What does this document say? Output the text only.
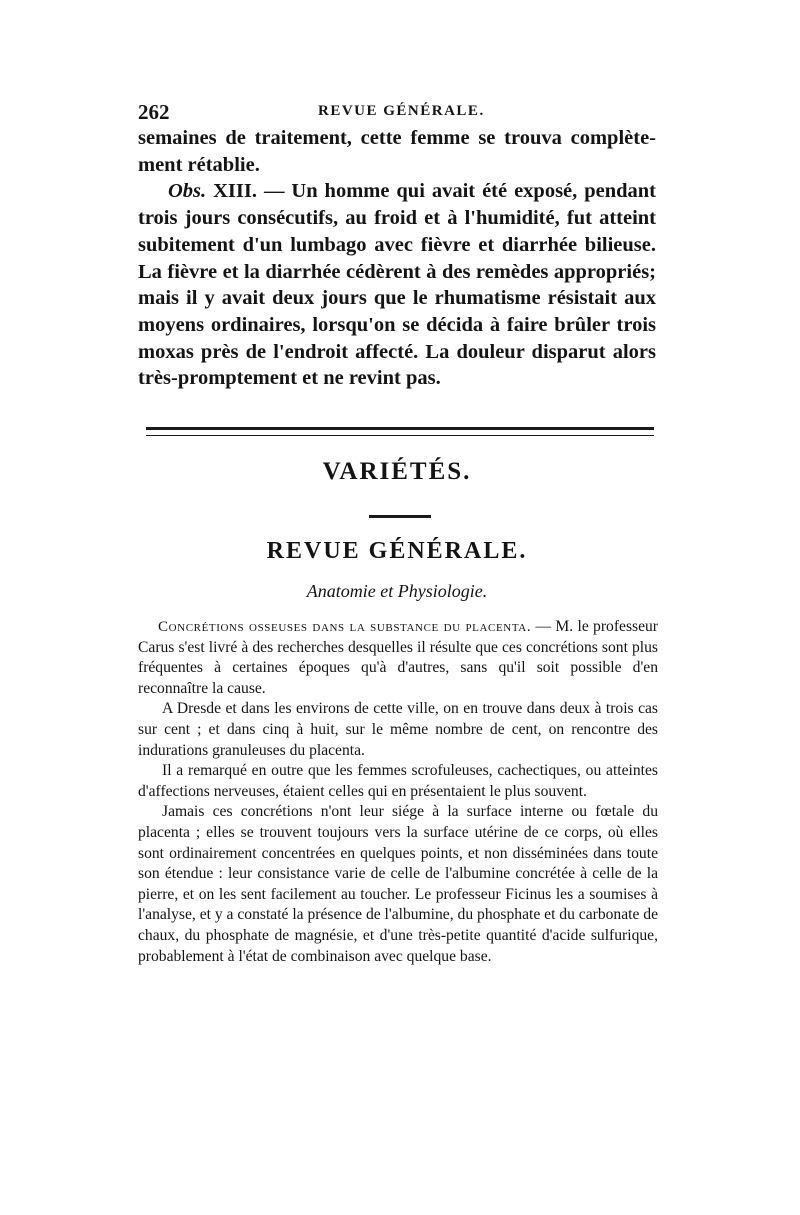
262	REVUE GÉNÉRALE.

semaines de traitement, cette femme se trouva complète-ment rétablie.

Obs. XIII. — Un homme qui avait été exposé, pendant trois jours consécutifs, au froid et à l'humidité, fut atteint subitement d'un lumbago avec fièvre et diarrhée bilieuse. La fièvre et la diarrhée cédèrent à des remèdes appropriés; mais il y avait deux jours que le rhumatisme résistait aux moyens ordinaires, lorsqu'on se décida à faire brûler trois moxas près de l'endroit affecté. La douleur disparut alors très-promptement et ne revint pas.

VARIÉTÉS.
REVUE GÉNÉRALE.
Anatomie et Physiologie.

Concrétions osseuses dans la substance du placenta. — M. le professeur Carus s'est livré à des recherches desquelles il résulte que ces concrétions sont plus fréquentes à certaines époques qu'à d'autres, sans qu'il soit possible d'en reconnaître la cause.

A Dresde et dans les environs de cette ville, on en trouve dans deux à trois cas sur cent ; et dans cinq à huit, sur le même nombre de cent, on rencontre des indurations granuleuses du placenta.

Il a remarqué en outre que les femmes scrofuleuses, cachectiques, ou atteintes d'affections nerveuses, étaient celles qui en présentaient le plus souvent.

Jamais ces concrétions n'ont leur siége à la surface interne ou fœtale du placenta ; elles se trouvent toujours vers la surface utérine de ce corps, où elles sont ordinairement concentrées en quelques points, et non disséminées dans toute son étendue : leur consistance varie de celle de l'albumine concrétée à celle de la pierre, et on les sent facilement au toucher. Le professeur Ficinus les a soumises à l'analyse, et y a constaté la présence de l'albumine, du phosphate et du carbonate de chaux, du phosphate de magnésie, et d'une très-petite quantité d'acide sulfurique, probablement à l'état de combinaison avec quelque base.
